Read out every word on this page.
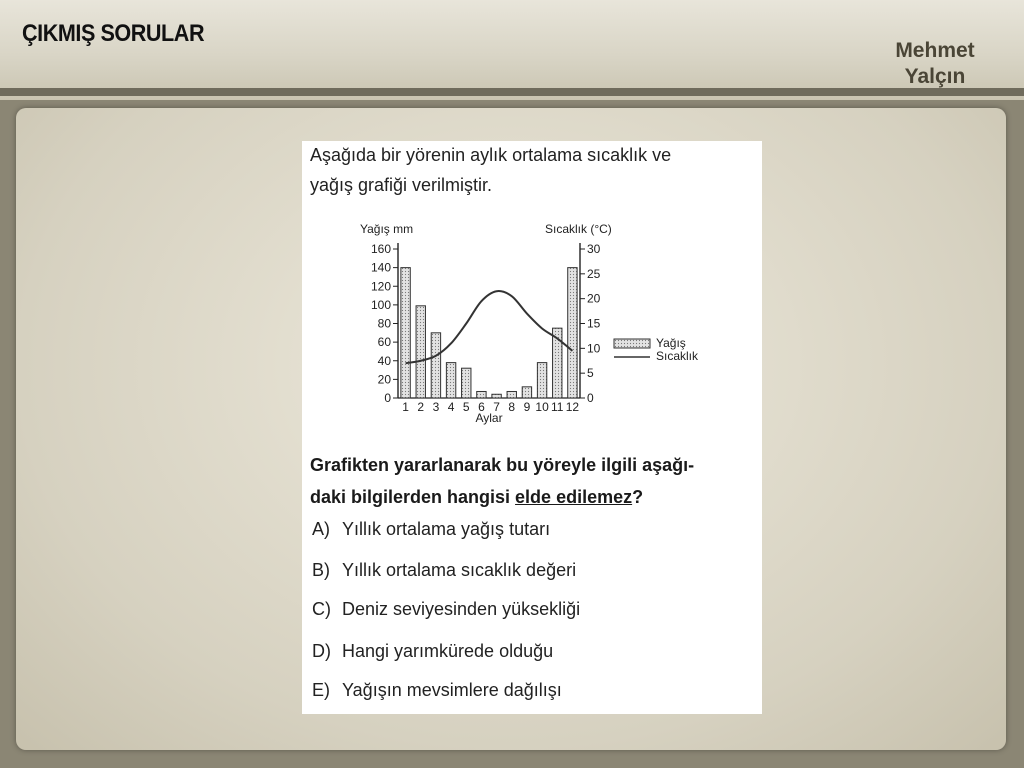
ÇIKMIŞ SORULAR
Mehmet
Yalçın
Aşağıda bir yörenin aylık ortalama sıcaklık ve
yağış grafiği verilmiştir.
Yağış mm	Sıcaklık (°C)
0
20
40
60
80
100
120
140
160
0
5
10
15
20
25
30
1 2 3 4 5 6 7 8 9 10 11 12
Aylar
Yağış
Sıcaklık
Grafikten yararlanarak bu yöreyle ilgili aşağı-
daki bilgilerden hangisi elde edilemez?
A) Yıllık ortalama yağış tutarı
B) Yıllık ortalama sıcaklık değeri
C) Deniz seviyesinden yüksekliği
D) Hangi yarımkürede olduğu
E) Yağışın mevsimlere dağılışı
